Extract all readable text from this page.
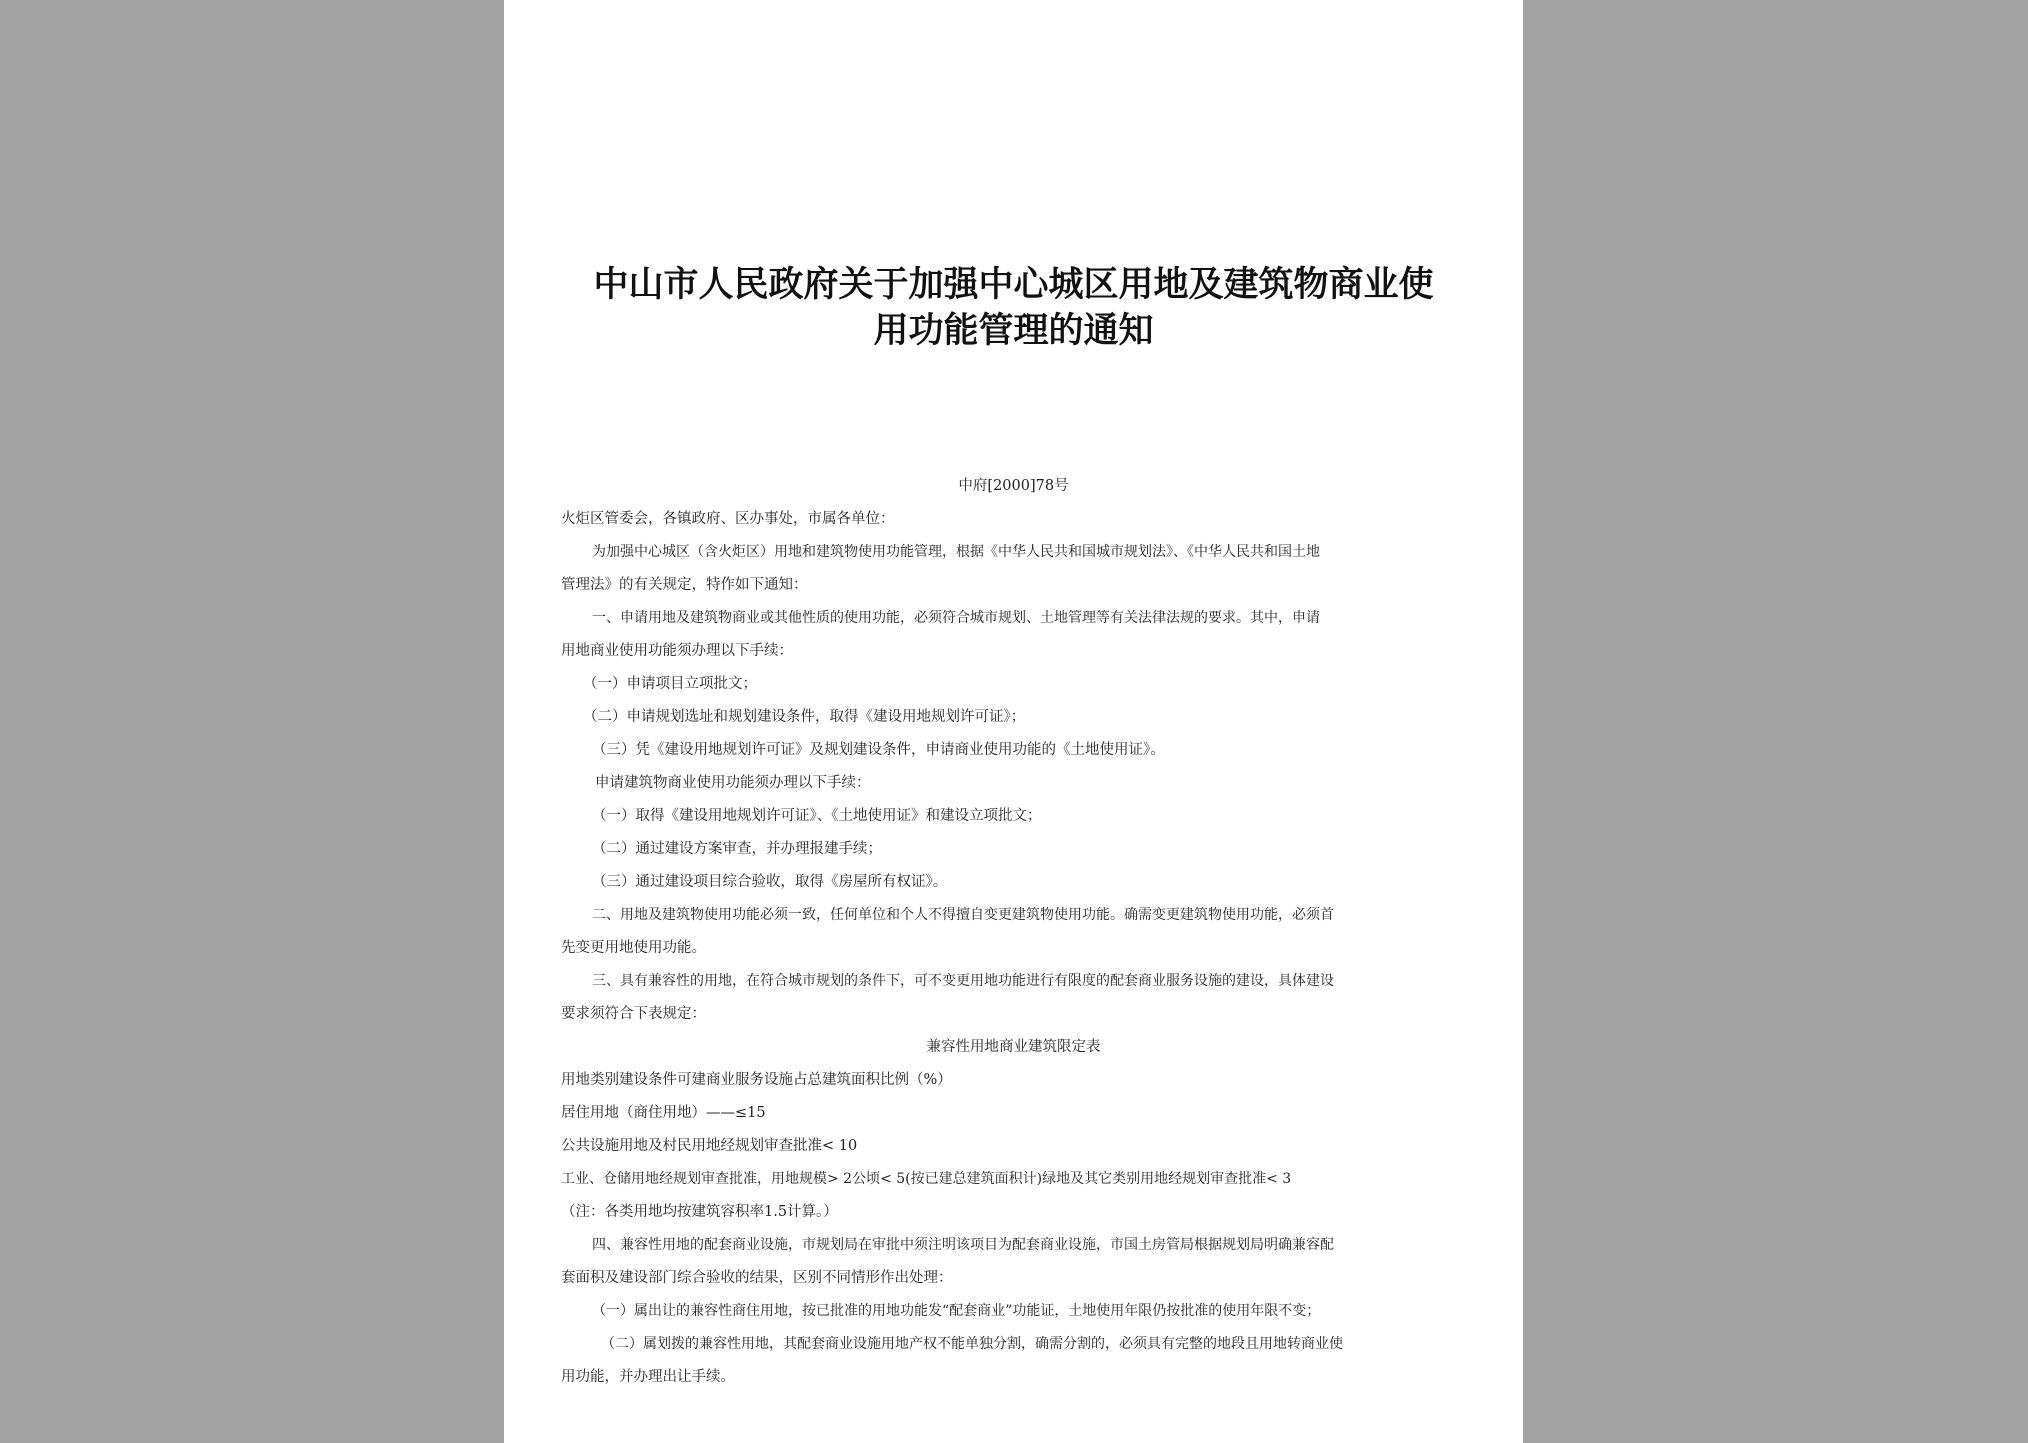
中山市人民政府关于加强中心城区用地及建筑物商业使
用功能管理的通知
中府[2000]78号
火炬区管委会，各镇政府、区办事处，市属各单位：
为加强中心城区（含火炬区）用地和建筑物使用功能管理，根据《中华人民共和国城市规划法》、《中华人民共和国土地
管理法》的有关规定，特作如下通知：
一、申请用地及建筑物商业或其他性质的使用功能，必须符合城市规划、土地管理等有关法律法规的要求。其中，申请
用地商业使用功能须办理以下手续：
（一）申请项目立项批文；
（二）申请规划选址和规划建设条件，取得《建设用地规划许可证》；
（三）凭《建设用地规划许可证》及规划建设条件，申请商业使用功能的《土地使用证》。
申请建筑物商业使用功能须办理以下手续：
（一）取得《建设用地规划许可证》、《土地使用证》和建设立项批文；
（二）通过建设方案审查，并办理报建手续；
（三）通过建设项目综合验收，取得《房屋所有权证》。
二、用地及建筑物使用功能必须一致，任何单位和个人不得擅自变更建筑物使用功能。确需变更建筑物使用功能，必须首
先变更用地使用功能。
三、具有兼容性的用地，在符合城市规划的条件下，可不变更用地功能进行有限度的配套商业服务设施的建设，具体建设
要求须符合下表规定：
兼容性用地商业建筑限定表
用地类别建设条件可建商业服务设施占总建筑面积比例（%）
居住用地（商住用地）——≤15
公共设施用地及村民用地经规划审查批准< 10
工业、仓储用地经规划审查批准，用地规模> 2公顷< 5(按已建总建筑面积计)绿地及其它类别用地经规划审查批准< 3
（注：各类用地均按建筑容积率1.5计算。）
四、兼容性用地的配套商业设施，市规划局在审批中须注明该项目为配套商业设施，市国土房管局根据规划局明确兼容配
套面积及建设部门综合验收的结果，区别不同情形作出处理：
（一）属出让的兼容性商住用地，按已批准的用地功能发“配套商业”功能证，土地使用年限仍按批准的使用年限不变；
（二）属划拨的兼容性用地，其配套商业设施用地产权不能单独分割，确需分割的，必须具有完整的地段且用地转商业使
用功能，并办理出让手续。
